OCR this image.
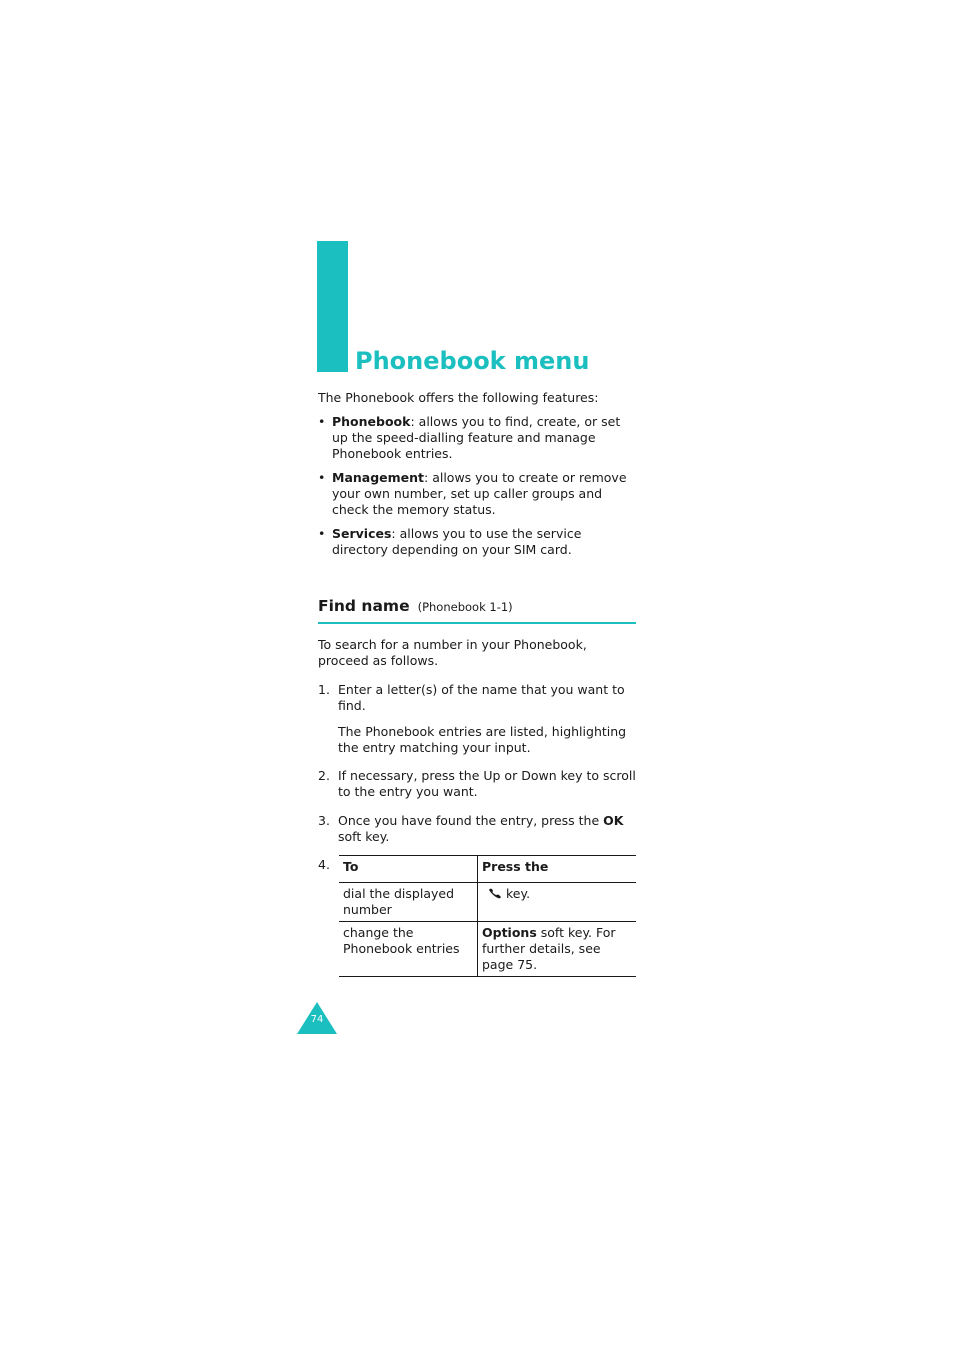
Phonebook menu

The Phonebook offers the following features:

• Phonebook: allows you to find, create, or set up the speed-dialling feature and manage Phonebook entries.
• Management: allows you to create or remove your own number, set up caller groups and check the memory status.
• Services: allows you to use the service directory depending on your SIM card.
Find name (Phonebook 1-1)

To search for a number in your Phonebook, proceed as follows.

1. Enter a letter(s) of the name that you want to find.

The Phonebook entries are listed, highlighting the entry matching your input.

2. If necessary, press the Up or Down key to scroll to the entry you want.

3. Once you have found the entry, press the OK soft key.

4. To	Press the
dial the displayed number	key.
change the Phonebook entries	Options soft key. For further details, see page 75.
74
